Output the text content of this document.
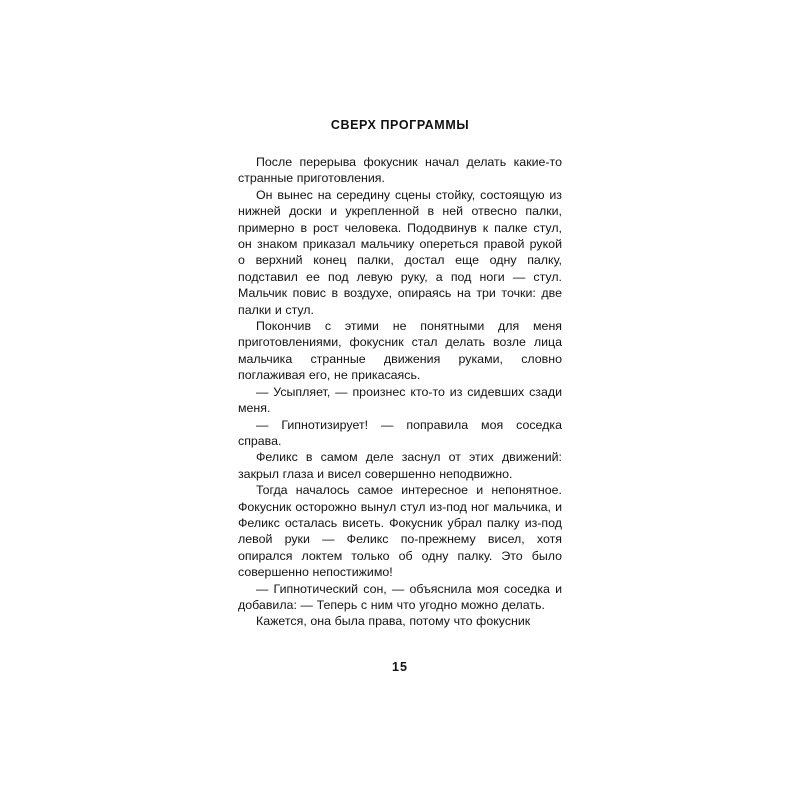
СВЕРХ ПРОГРАММЫ

После перерыва фокусник начал делать какие-то странные приготовления.

Он вынес на середину сцены стойку, состоящую из нижней доски и укрепленной в ней отвесно палки, примерно в рост человека. Пододвинув к палке стул, он знаком приказал мальчику опереться правой рукой о верхний конец палки, достал еще одну палку, подставил ее под левую руку, а под ноги — стул. Мальчик повис в воздухе, опираясь на три точки: две палки и стул.

Покончив с этими не понятными для меня приготовлениями, фокусник стал делать возле лица мальчика странные движения руками, словно поглаживая его, не прикасаясь.

— Усыпляет, — произнес кто-то из сидевших сзади меня.

— Гипнотизирует! — поправила моя соседка справа.

Феликс в самом деле заснул от этих движений: закрыл глаза и висел совершенно неподвижно.

Тогда началось самое интересное и непонятное. Фокусник осторожно вынул стул из-под ног мальчика, и Феликс осталась висеть. Фокусник убрал палку из-под левой руки — Феликс по-прежнему висел, хотя опирался локтем только об одну палку. Это было совершенно непостижимо!

— Гипнотический сон, — объяснила моя соседка и добавила: — Теперь с ним что угодно можно делать.

Кажется, она была права, потому что фокусник

15
